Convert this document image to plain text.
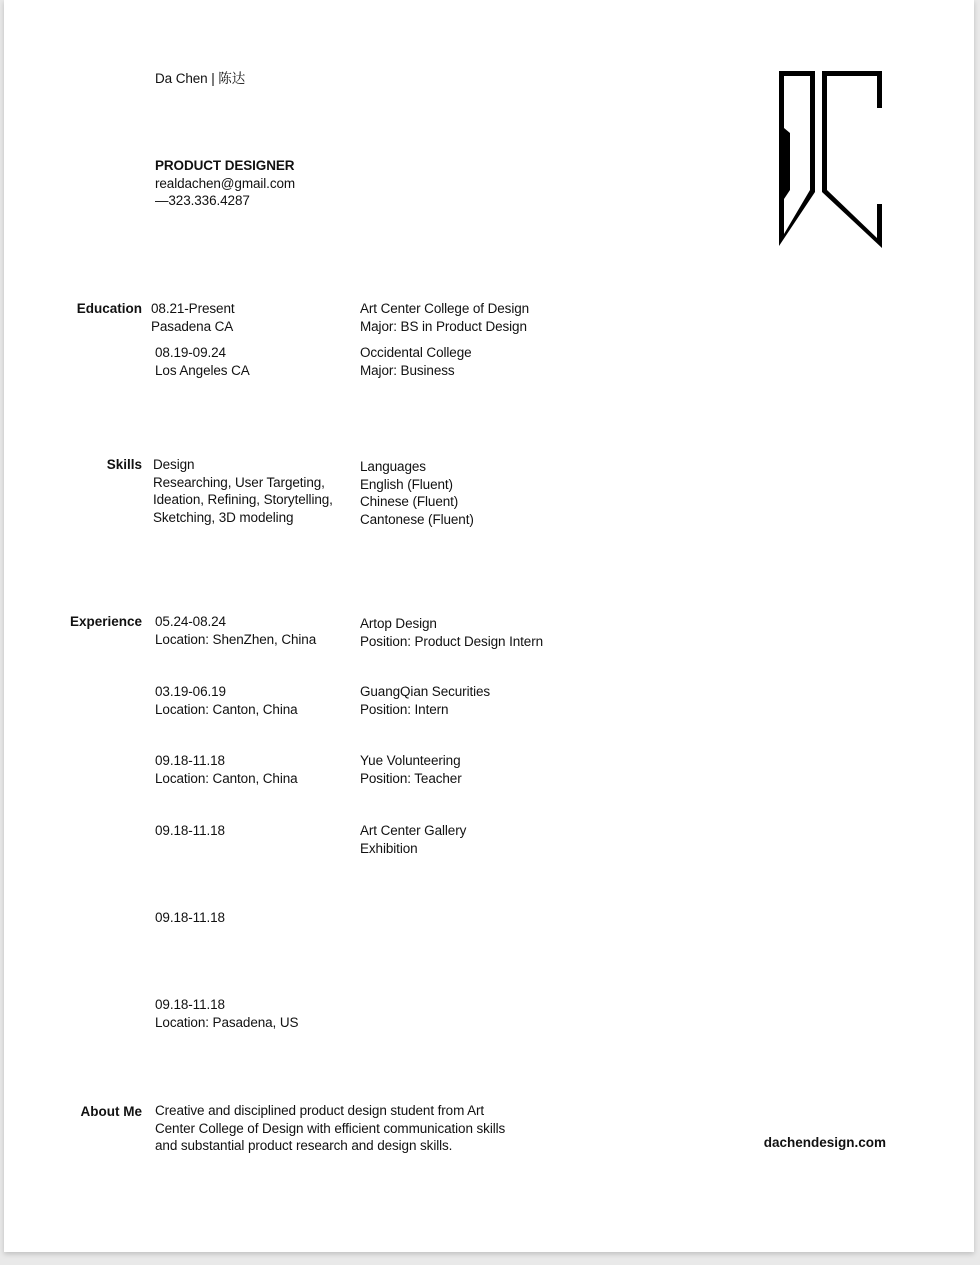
Da Chen | 陈达
PRODUCT DESIGNER
realdachen@gmail.com
—323.336.4287
Education 08.21-Present
Pasadena CA
Art Center College of Design
Major: BS in Product Design
08.19-09.24
Los Angeles CA
Occidental College
Major: Business
Skills Design
Researching, User Targeting,
Ideation, Refining, Storytelling,
Sketching, 3D modeling
Languages
English (Fluent)
Chinese (Fluent)
Cantonese (Fluent)
Experience 05.24-08.24
Location: ShenZhen, China
Artop Design
Position: Product Design Intern
03.19-06.19
Location: Canton, China
GuangQian Securities
Position: Intern
09.18-11.18
Location: Canton, China
Yue Volunteering
Position: Teacher
09.18-11.18	Art Center Gallery
Exhibition
09.18-11.18
09.18-11.18
Location: Pasadena, US
About Me Creative and disciplined product design student from Art
Center College of Design with efficient communication skills
and substantial product research and design skills.	dachendesign.com
